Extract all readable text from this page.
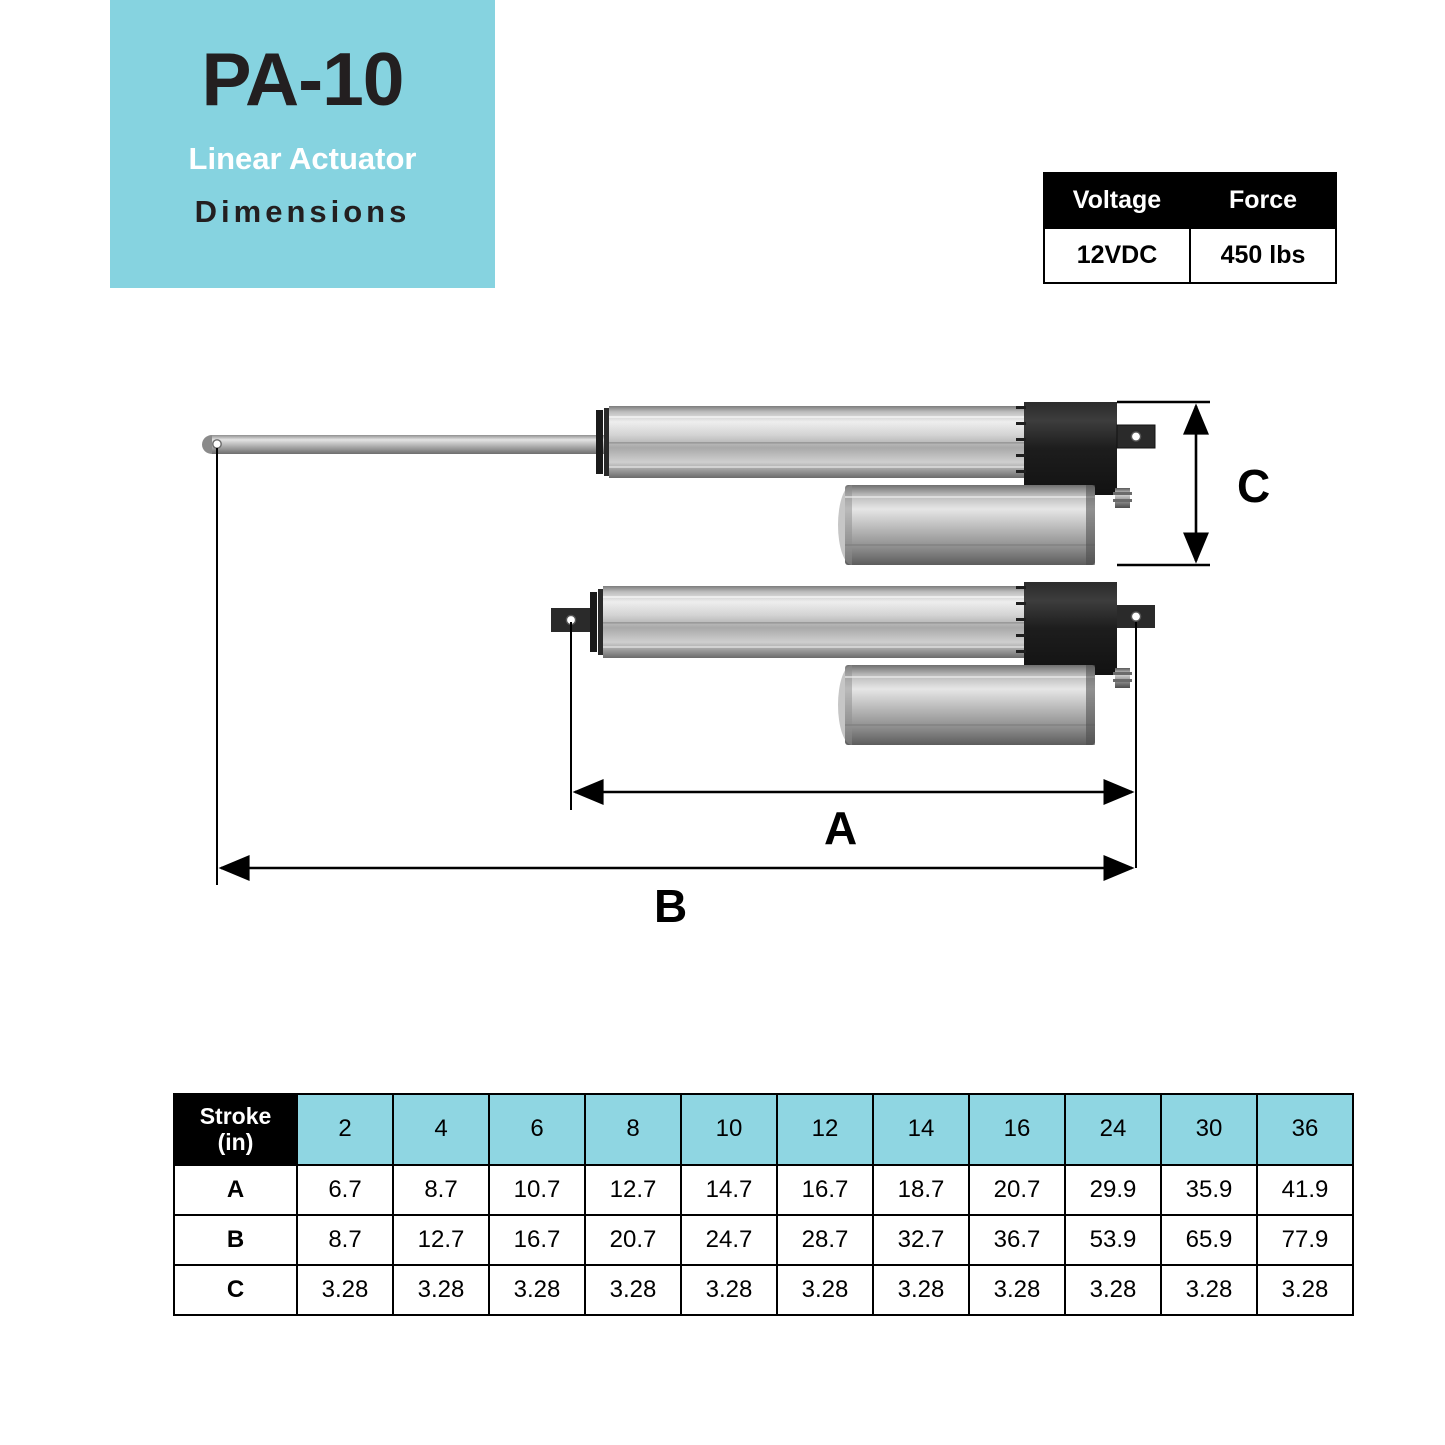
PA-10
Linear Actuator
Dimensions	Voltage	Force
12VDC	450 lbs
C
A
B
Stroke
(in)	2	4	6	8	10	12	14	16	24	30	36
A	6.7	8.7	10.7	12.7	14.7	16.7	18.7	20.7	29.9	35.9	41.9
B	8.7	12.7	16.7	20.7	24.7	28.7	32.7	36.7	53.9	65.9	77.9
C	3.28	3.28	3.28	3.28	3.28	3.28	3.28	3.28	3.28	3.28	3.28
